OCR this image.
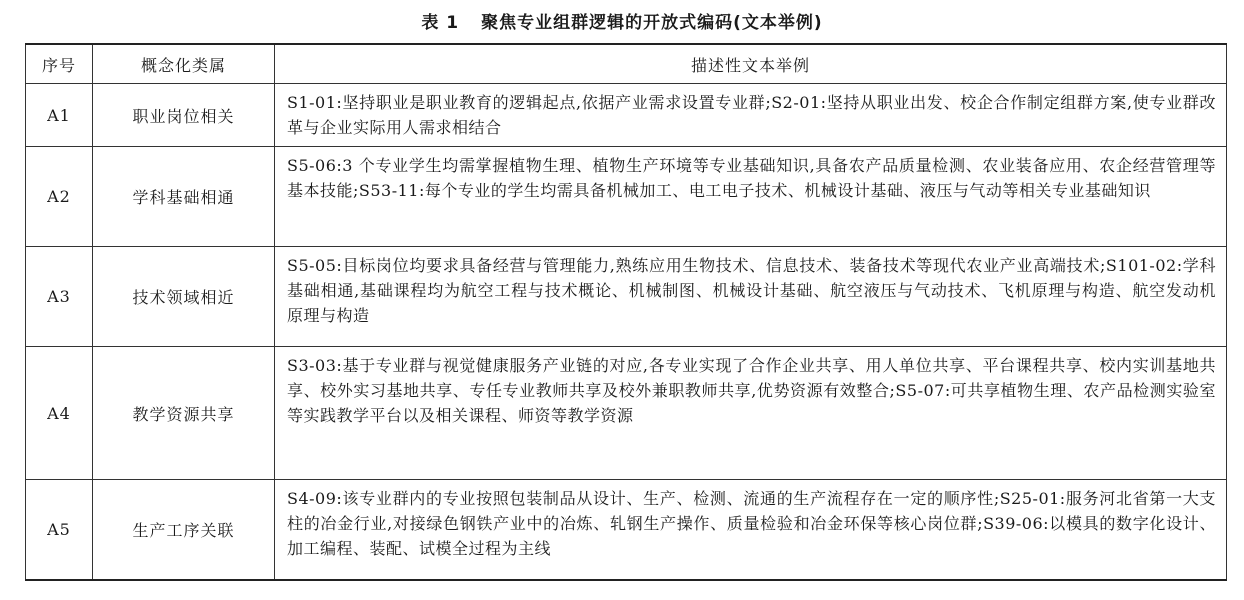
表 1 聚焦专业组群逻辑的开放式编码(文本举例)
序号	概念化类属	描述性文本举例
A1	职业岗位相关	S1-01:坚持职业是职业教育的逻辑起点,依据产业需求设置专业群;S2-01:坚持从职业出发、校企合作制定组群方案,使专业群改革与企业实际用人需求相结合
A2	学科基础相通	S5-06:3 个专业学生均需掌握植物生理、植物生产环境等专业基础知识,具备农产品质量检测、农业装备应用、农企经营管理等基本技能;S53-11:每个专业的学生均需具备机械加工、电工电子技术、机械设计基础、液压与气动等相关专业基础知识
A3	技术领域相近	S5-05:目标岗位均要求具备经营与管理能力,熟练应用生物技术、信息技术、装备技术等现代农业产业高端技术;S101-02:学科基础相通,基础课程均为航空工程与技术概论、机械制图、机械设计基础、航空液压与气动技术、飞机原理与构造、航空发动机原理与构造
A4	教学资源共享	S3-03:基于专业群与视觉健康服务产业链的对应,各专业实现了合作企业共享、用人单位共享、平台课程共享、校内实训基地共享、校外实习基地共享、专任专业教师共享及校外兼职教师共享,优势资源有效整合;S5-07:可共享植物生理、农产品检测实验室等实践教学平台以及相关课程、师资等教学资源
A5	生产工序关联	S4-09:该专业群内的专业按照包装制品从设计、生产、检测、流通的生产流程存在一定的顺序性;S25-01:服务河北省第一大支柱的冶金行业,对接绿色钢铁产业中的冶炼、轧钢生产操作、质量检验和冶金环保等核心岗位群;S39-06:以模具的数字化设计、加工编程、装配、试模全过程为主线
